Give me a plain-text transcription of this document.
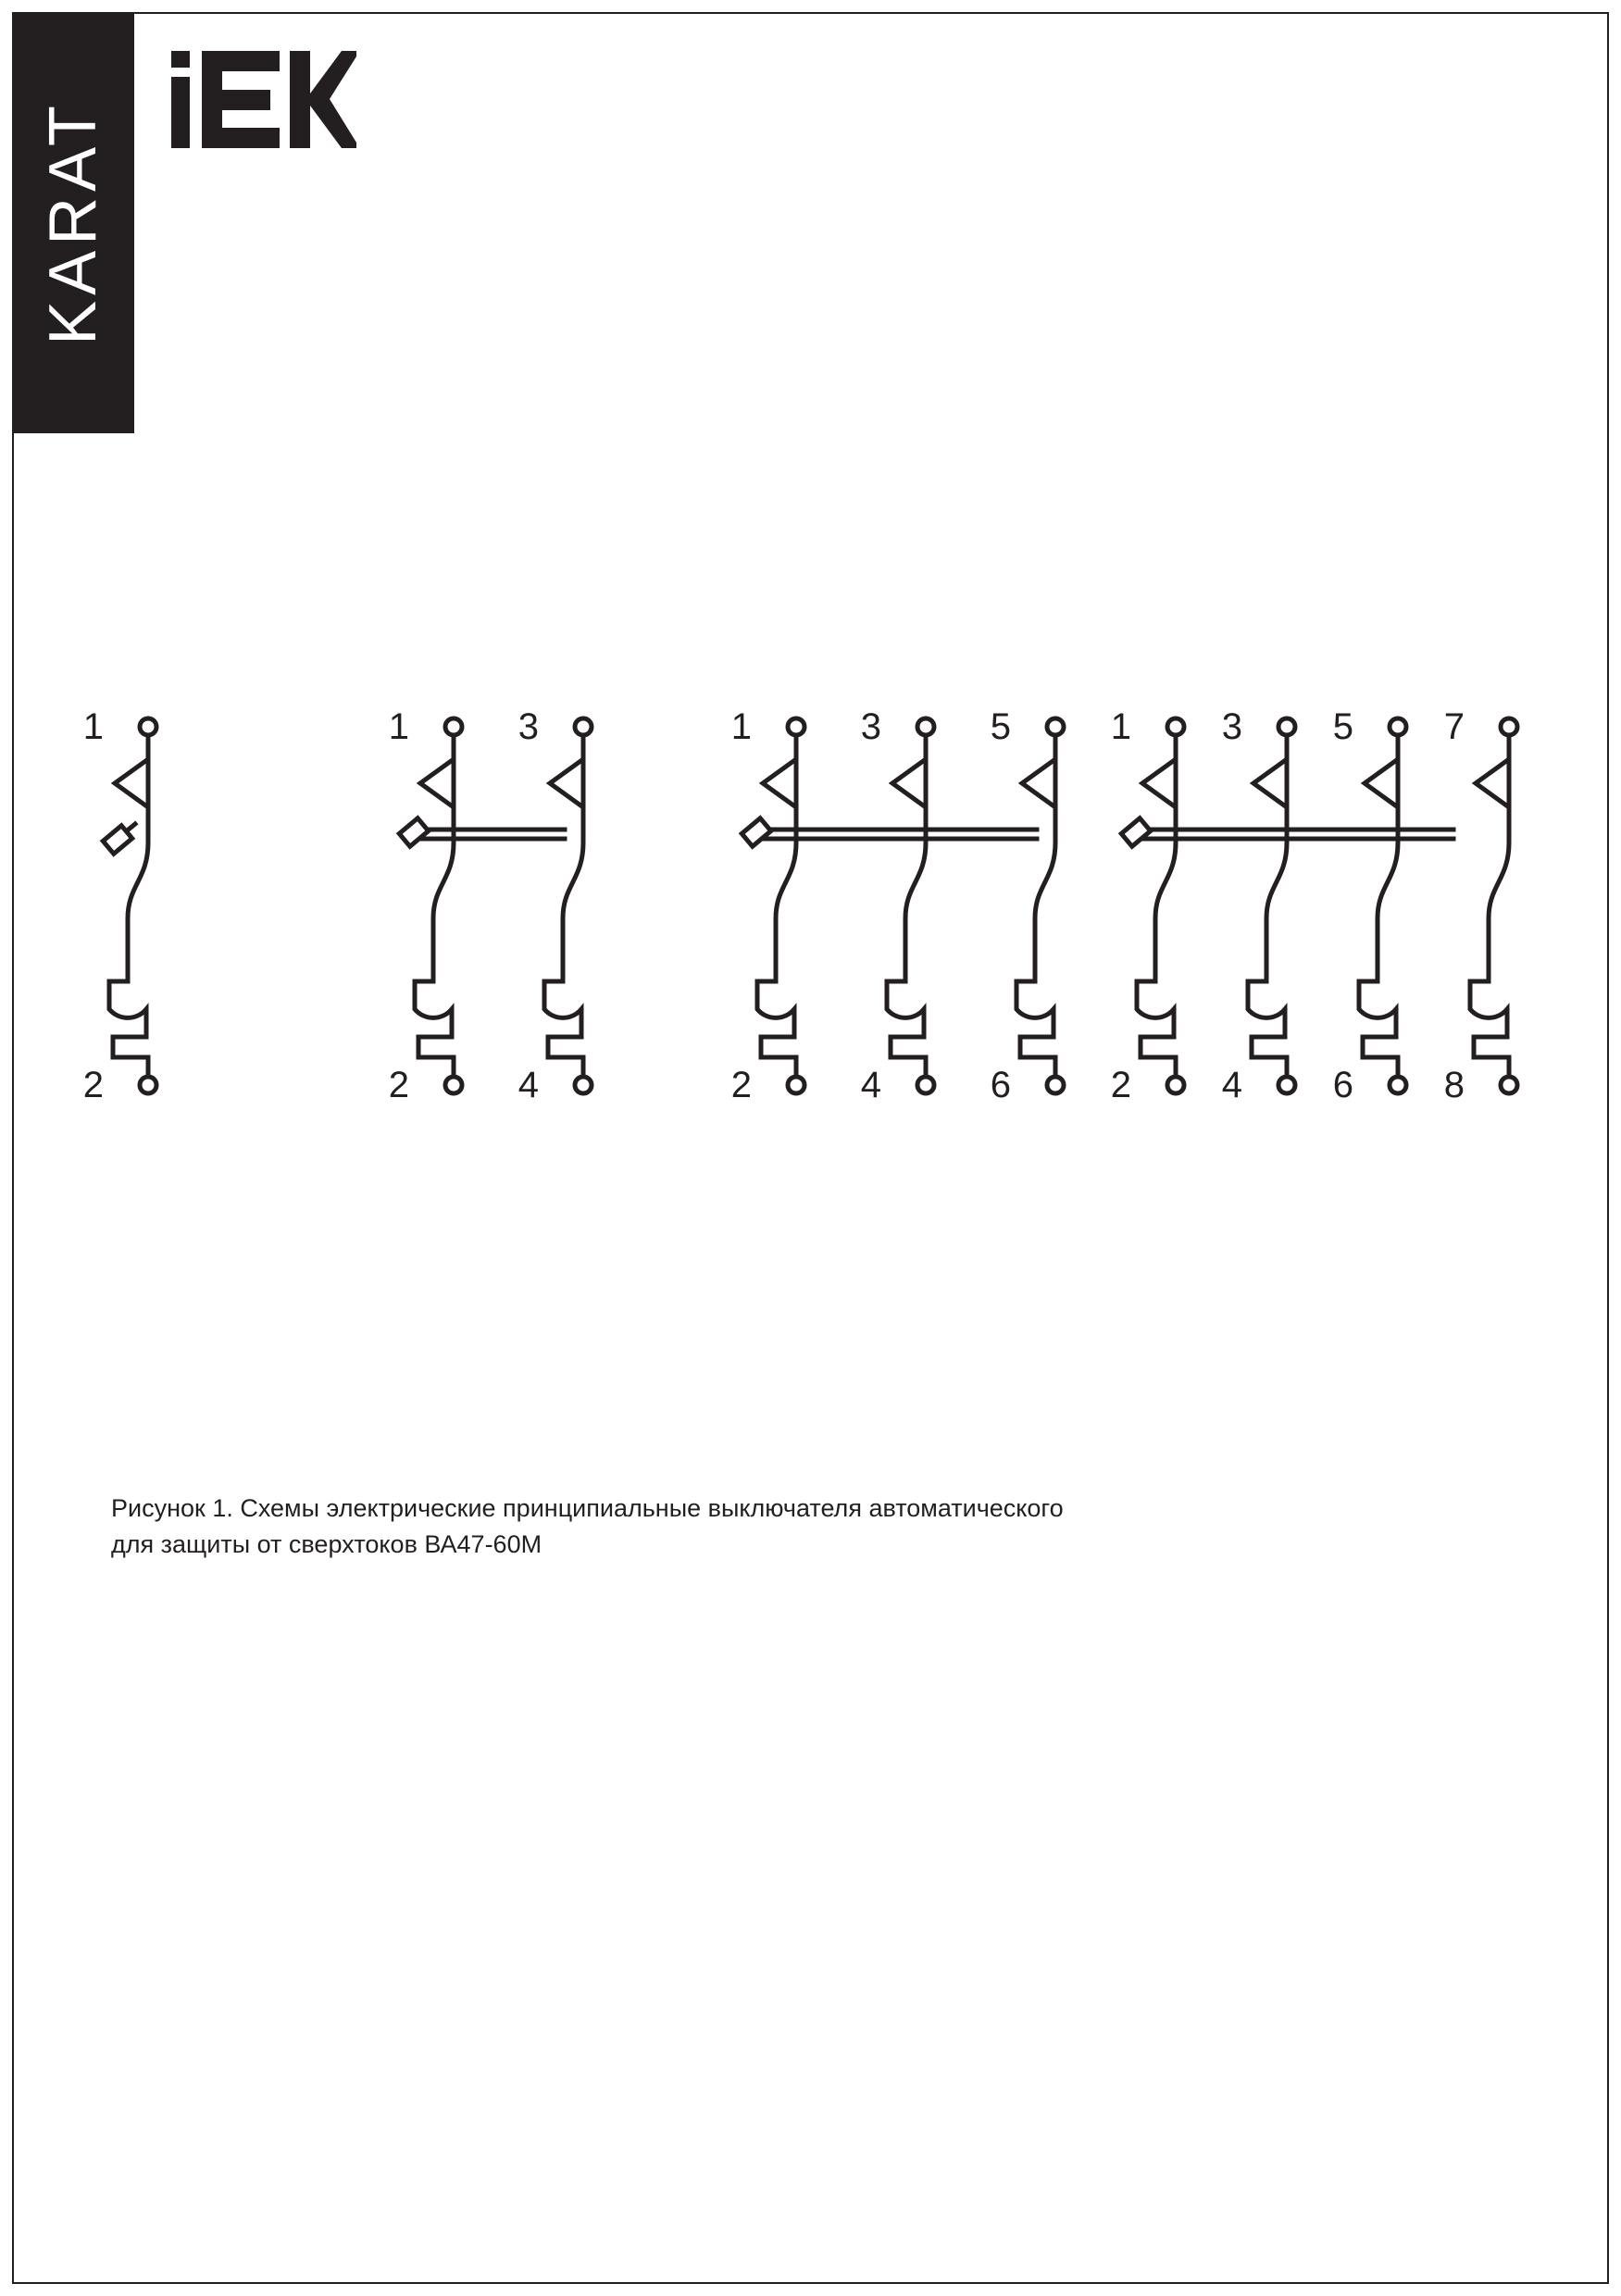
KARAT
1
2
1
2
3
4
1
2
3
4
5
6
1
2
3
4
5
6
7
8
Рисунок 1. Схемы электрические принципиальные выключателя автоматического
для защиты от сверхтоков ВА47-60М
